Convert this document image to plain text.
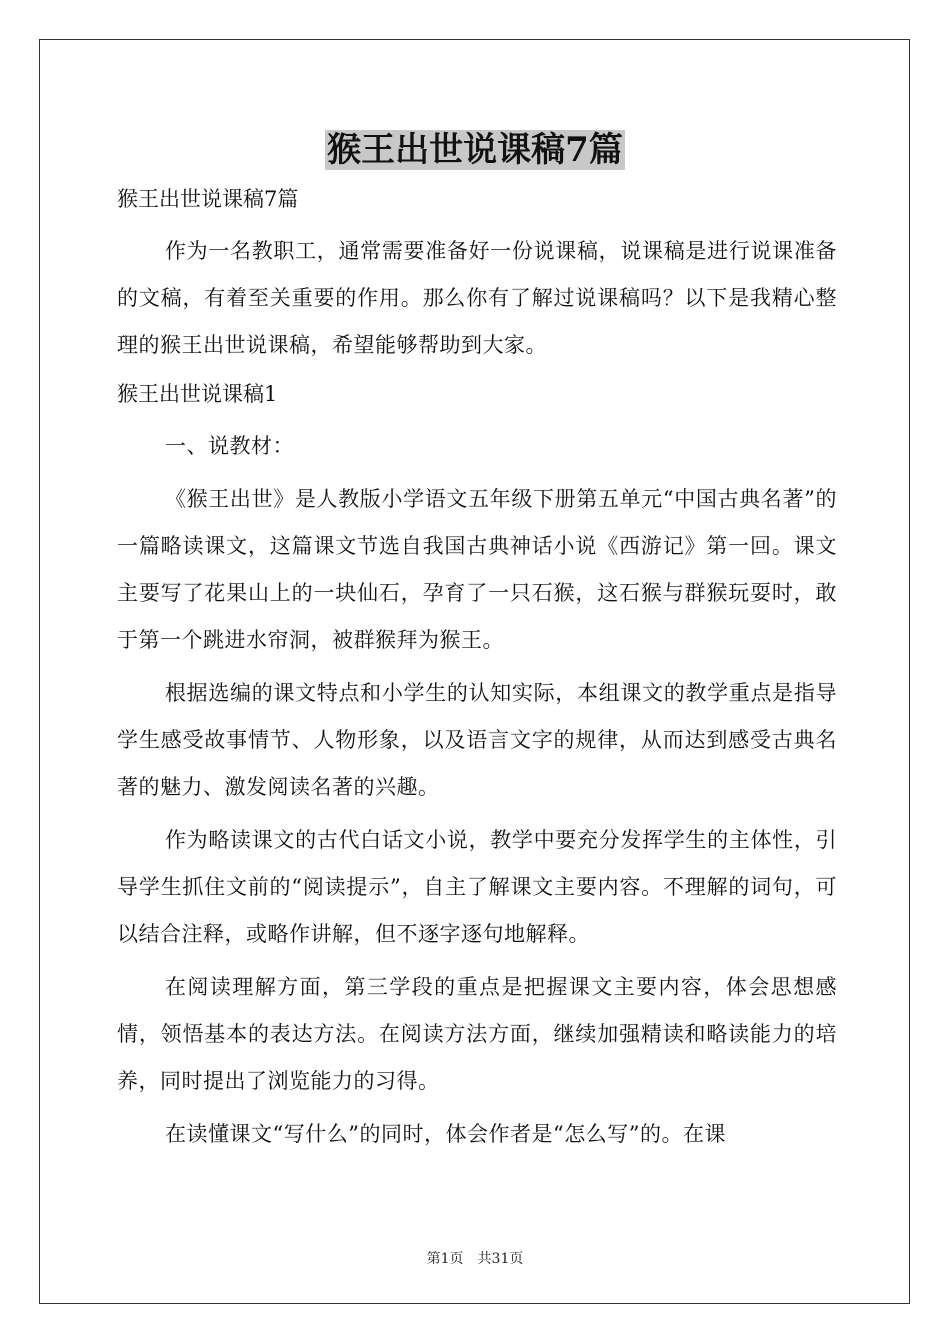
猴王出世说课稿7篇

猴王出世说课稿7篇

作为一名教职工，通常需要准备好一份说课稿，说课稿是进行说课准备的文稿，有着至关重要的作用。那么你有了解过说课稿吗？以下是我精心整理的猴王出世说课稿，希望能够帮助到大家。

猴王出世说课稿1

一、说教材：

《猴王出世》是人教版小学语文五年级下册第五单元“中国古典名著”的一篇略读课文，这篇课文节选自我国古典神话小说《西游记》第一回。课文主要写了花果山上的一块仙石，孕育了一只石猴，这石猴与群猴玩耍时，敢于第一个跳进水帘洞，被群猴拜为猴王。

根据选编的课文特点和小学生的认知实际，本组课文的教学重点是指导学生感受故事情节、人物形象，以及语言文字的规律，从而达到感受古典名著的魅力、激发阅读名著的兴趣。

作为略读课文的古代白话文小说，教学中要充分发挥学生的主体性，引导学生抓住文前的“阅读提示”，自主了解课文主要内容。不理解的词句，可以结合注释，或略作讲解，但不逐字逐句地解释。

在阅读理解方面，第三学段的重点是把握课文主要内容，体会思想感情，领悟基本的表达方法。在阅读方法方面，继续加强精读和略读能力的培养，同时提出了浏览能力的习得。

在读懂课文“写什么”的同时，体会作者是“怎么写”的。在课

第1页 共31页
